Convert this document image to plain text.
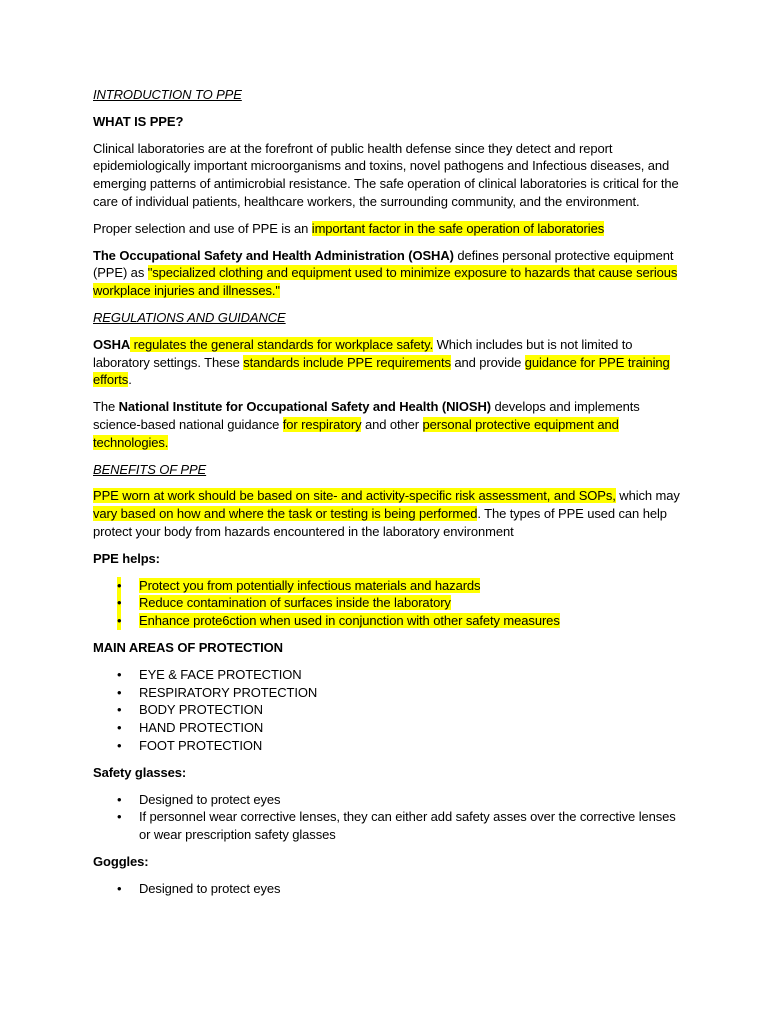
INTRODUCTION TO PPE

WHAT IS PPE?

Clinical laboratories are at the forefront of public health defense since they detect and report epidemiologically important microorganisms and toxins, novel pathogens and Infectious diseases, and emerging patterns of antimicrobial resistance. The safe operation of clinical laboratories is critical for the care of individual patients, healthcare workers, the surrounding community, and the environment.

Proper selection and use of PPE is an important factor in the safe operation of laboratories

The Occupational Safety and Health Administration (OSHA) defines personal protective equipment (PPE) as "specialized clothing and equipment used to minimize exposure to hazards that cause serious workplace injuries and illnesses."

REGULATIONS AND GUIDANCE

OSHA regulates the general standards for workplace safety. Which includes but is not limited to laboratory settings. These standards include PPE requirements and provide guidance for PPE training efforts.

The National Institute for Occupational Safety and Health (NIOSH) develops and implements science-based national guidance for respiratory and other personal protective equipment and technologies.

BENEFITS OF PPE

PPE worn at work should be based on site- and activity-specific risk assessment, and SOPs, which may vary based on how and where the task or testing is being performed. The types of PPE used can help protect your body from hazards encountered in the laboratory environment

PPE helps:

• Protect you from potentially infectious materials and hazards
• Reduce contamination of surfaces inside the laboratory
• Enhance prote6ction when used in conjunction with other safety measures

MAIN AREAS OF PROTECTION

• EYE & FACE PROTECTION
• RESPIRATORY PROTECTION
• BODY PROTECTION
• HAND PROTECTION
• FOOT PROTECTION

Safety glasses:

• Designed to protect eyes
• If personnel wear corrective lenses, they can either add safety asses over the corrective lenses or wear prescription safety glasses

Goggles:

• Designed to protect eyes
